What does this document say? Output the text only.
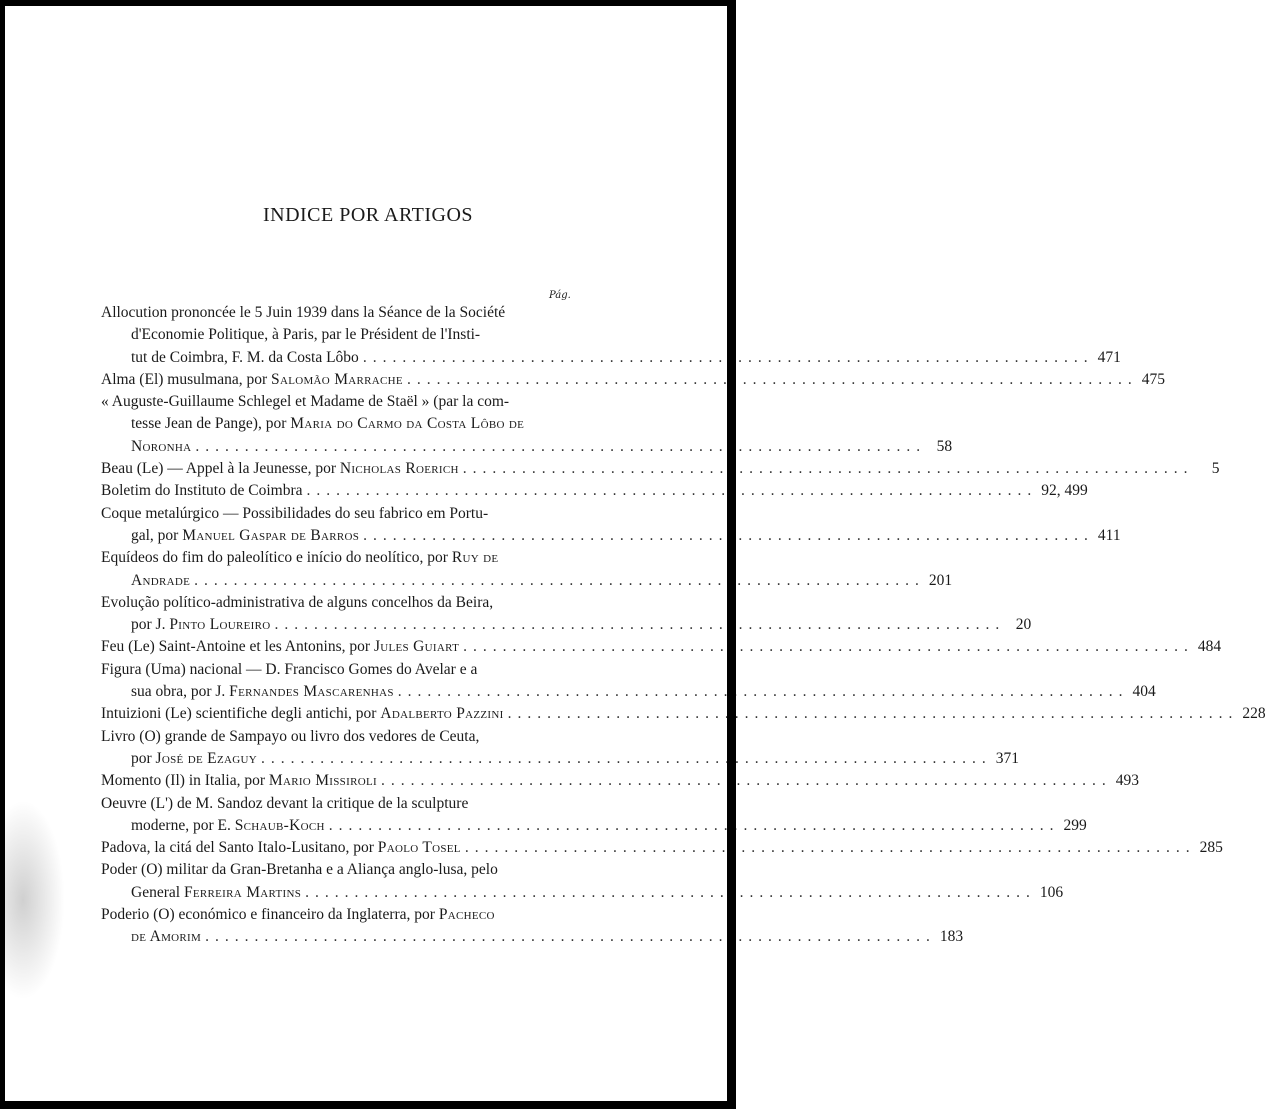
INDICE POR ARTIGOS
Pág.
Allocution prononcée le 5 Juin 1939 dans la Séance de la Société
d'Economie Politique, à Paris, par le Président de l'Insti-
tut de Coimbra, F. M. da Costa Lôbo .......................................................................... 471
Alma (El) musulmana, por Salomão Marrache .......................................................................... 475
« Auguste-Guillaume Schlegel et Madame de Staël » (par la com-
tesse Jean de Pange), por Maria do Carmo da Costa Lôbo de
Noronha .......................................................................... 58
Beau (Le) — Appel à la Jeunesse, por Nicholas Roerich ..........................................................................	5
Boletim do Instituto de Coimbra .......................................................................... 92, 499
Coque metalúrgico — Possibilidades do seu fabrico em Portu-
gal, por Manuel Gaspar de Barros .......................................................................... 411
Equídeos do fim do paleolítico e início do neolítico, por Ruy de
Andrade .......................................................................... 201
Evolução político-administrativa de alguns concelhos da Beira,
por J. Pinto Loureiro .......................................................................... 20
Feu (Le) Saint-Antoine et les Antonins, por Jules Guiart .......................................................................... 484
Figura (Uma) nacional — D. Francisco Gomes do Avelar e a
sua obra, por J. Fernandes Mascarenhas .......................................................................... 404
Intuizioni (Le) scientifiche degli antichi, por Adalberto Pazzini .......................................................................... 228
Livro (O) grande de Sampayo ou livro dos vedores de Ceuta,
por José de Ezaguy .......................................................................... 371
Momento (Il) in Italia, por Mario Missiroli .......................................................................... 493
Oeuvre (L') de M. Sandoz devant la critique de la sculpture
moderne, por E. Schaub-Koch .......................................................................... 299
Padova, la citá del Santo Italo-Lusitano, por Paolo Tosel .......................................................................... 285
Poder (O) militar da Gran-Bretanha e a Aliança anglo-lusa, pelo
General Ferreira Martins .......................................................................... 106
Poderio (O) económico e financeiro da Inglaterra, por Pacheco
de Amorim .......................................................................... 183
